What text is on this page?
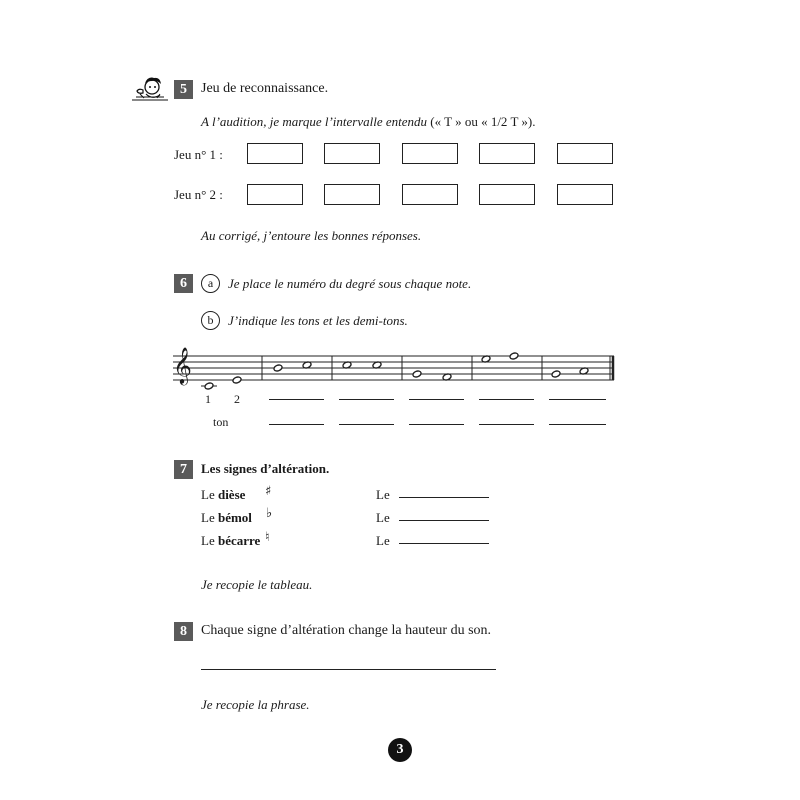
5	Jeu de reconnaissance.
A l’audition, je marque l’intervalle entendu (« T » ou « 1/2 T »).
Jeu n° 1 :
Jeu n° 2 :
Au corrigé, j’entoure les bonnes réponses.
6	a	Je place le numéro du degré sous chaque note.
b	J’indique les tons et les demi-tons.
𝄞
1 2
ton
7	Les signes d’altération.
Le dièse ♯	Le
Le bémol ♭	Le
Le bécarre ♮	Le
Je recopie le tableau.
8	Chaque signe d’altération change la hauteur du son.
Je recopie la phrase.
3
